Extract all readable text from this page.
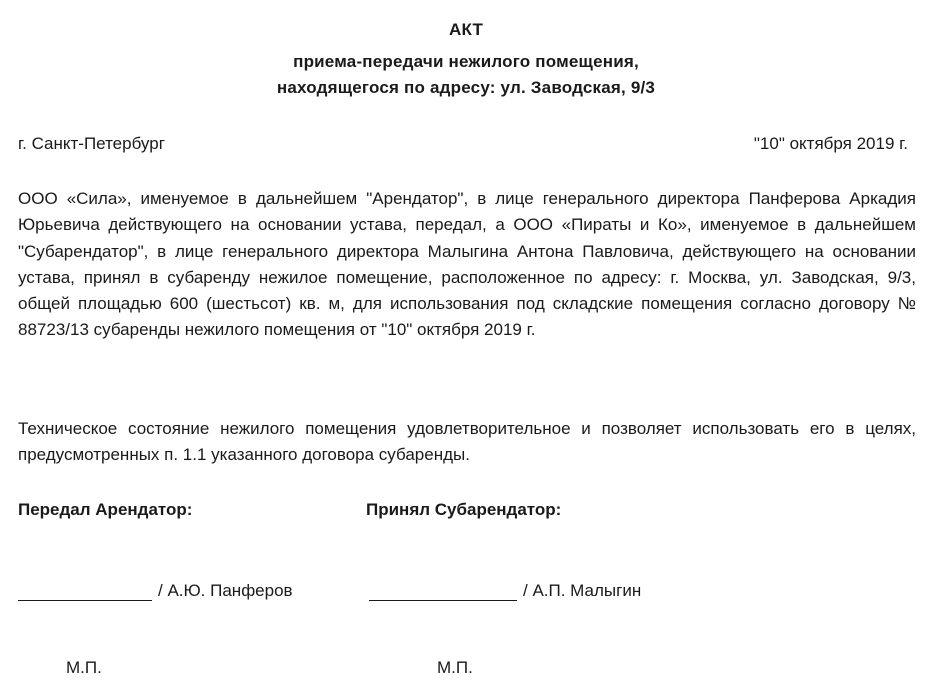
АКТ
приема-передачи нежилого помещения,
находящегося по адресу: ул. Заводская, 9/3
г. Санкт-Петербург	"10" октября 2019 г.
ООО «Сила», именуемое в дальнейшем "Арендатор", в лице генерального директора Панферова Аркадия Юрьевича действующего на основании устава, передал, а ООО «Пираты и Ко», именуемое в дальнейшем "Субарендатор", в лице генерального директора Малыгина Антона Павловича, действующего на основании устава, принял в субаренду нежилое помещение, расположенное по адресу: г. Москва, ул. Заводская, 9/3, общей площадью 600 (шестьсот) кв. м, для использования под складские помещения согласно договору № 88723/13 субаренды нежилого помещения от "10" октября 2019 г.
Техническое состояние нежилого помещения удовлетворительное и позволяет использовать его в целях, предусмотренных п. 1.1 указанного договора субаренды.
Передал Арендатор:	Принял Субарендатор:
/ А.Ю. Панферов	/ А.П. Малыгин
М.П.	М.П.
